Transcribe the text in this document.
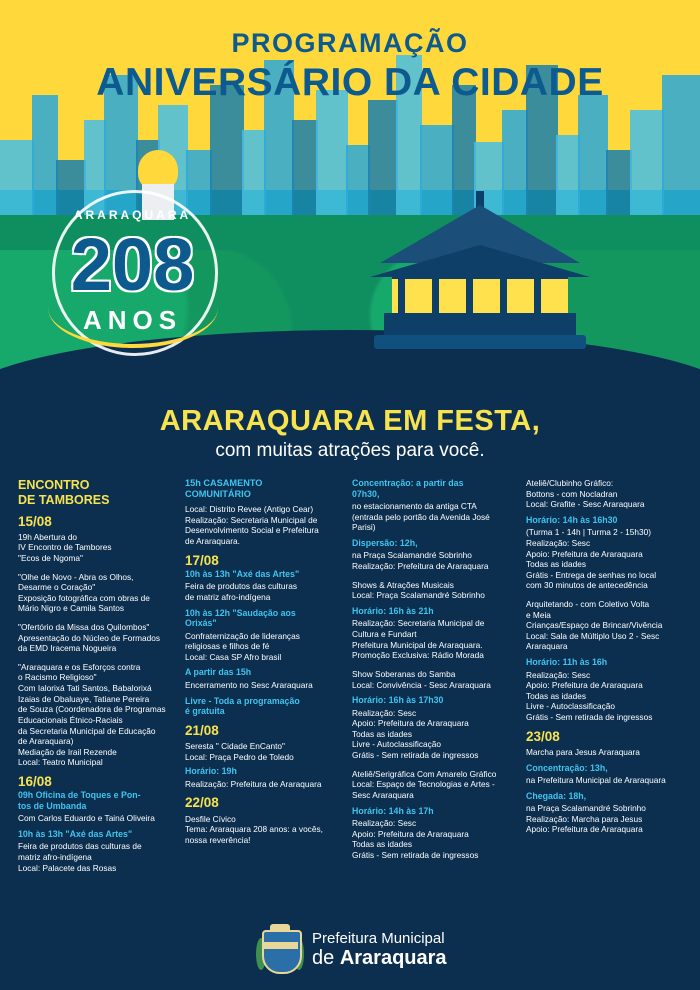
PROGRAMAÇÃO
ANIVERSÁRIO DA CIDADE
ARARAQUARA
208
ANOS
ARARAQUARA EM FESTA,
com muitas atrações para você.
ENCONTRO
DE TAMBORES
15/08
19h Abertura do
IV Encontro de Tambores
"Ecos de Ngoma"
"Olhe de Novo - Abra os Olhos,
Desarme o Coração"
Exposição fotográfica com obras de
Mário Nigro e Camila Santos
"Ofertório da Missa dos Quilombos"
Apresentação do Núcleo de Formados
da EMD Iracema Nogueira
"Araraquara e os Esforços contra
o Racismo Religioso"
Com Ialorixá Tati Santos, Babalorixá
Izaias de Obaluaye, Tatiane Pereira
de Souza (Coordenadora de Programas
Educacionais Étnico-Raciais
da Secretaria Municipal de Educação
de Araraquara)
Mediação de Irail Rezende
Local: Teatro Municipal
16/08
09h Oficina de Toques e Pon-
tos de Umbanda
Com Carlos Eduardo e Tainá Oliveira
10h às 13h "Axé das Artes"
Feira de produtos das culturas de
matriz afro-indígena
Local: Palacete das Rosas
15h CASAMENTO
COMUNITÁRIO
Local: Distrito Revee (Antigo Cear)
Realização: Secretaria Municipal de
Desenvolvimento Social e Prefeitura
de Araraquara.
17/08
10h às 13h "Axé das Artes"
Feira de produtos das culturas
de matriz afro-indígena
10h às 12h "Saudação aos
Orixás"
Confraternização de lideranças
religiosas e filhos de fé
Local: Casa SP Afro brasil
A partir das 15h
Encerramento no Sesc Araraquara
Livre - Toda a programação
é gratuita
21/08
Seresta " Cidade EnCanto"
Local: Praça Pedro de Toledo
Horário: 19h
Realização: Prefeitura de Araraquara
22/08
Desfile Cívico
Tema: Araraquara 208 anos: a vocês,
nossa reverência!
Concentração: a partir das
07h30,
no estacionamento da antiga CTA
(entrada pelo portão da Avenida José
Parisi)
Dispersão: 12h,
na Praça Scalamandré Sobrinho
Realização: Prefeitura de Araraquara
Shows & Atrações Musicais
Local: Praça Scalamandré Sobrinho
Horário: 16h às 21h
Realização: Secretaria Municipal de
Cultura e Fundart
Prefeitura Municipal de Araraquara.
Promoção Exclusiva: Rádio Morada
Show Soberanas do Samba
Local: Convivência - Sesc Araraquara
Horário: 16h às 17h30
Realização: Sesc
Apoio: Prefeitura de Araraquara
Todas as idades
Livre - Autoclassificação
Grátis - Sem retirada de ingressos
Ateliê/Serigráfica Com Amarelo Gráfico
Local: Espaço de Tecnologias e Artes -
Sesc Araraquara
Horário: 14h às 17h
Realização: Sesc
Apoio: Prefeitura de Araraquara
Todas as idades
Grátis - Sem retirada de ingressos
Ateliê/Clubinho Gráfico:
Bottons - com Nocladran
Local: Grafite - Sesc Araraquara
Horário: 14h às 16h30
(Turma 1 - 14h | Turma 2 - 15h30)
Realização: Sesc
Apoio: Prefeitura de Araraquara
Todas as idades
Grátis - Entrega de senhas no local
com 30 minutos de antecedência
Arquitetando - com Coletivo Volta
e Meia
Crianças/Espaço de Brincar/Vivência
Local: Sala de Múltiplo Uso 2 - Sesc
Araraquara
Horário: 11h às 16h
Realização: Sesc
Apoio: Prefeitura de Araraquara
Todas as idades
Livre - Autoclassificação
Grátis - Sem retirada de ingressos
23/08
Marcha para Jesus Araraquara
Concentração: 13h,
na Prefeitura Municipal de Araraquara
Chegada: 18h,
na Praça Scalamandré Sobrinho
Realização: Marcha para Jesus
Apoio: Prefeitura de Araraquara
Prefeitura Municipal
de Araraquara
